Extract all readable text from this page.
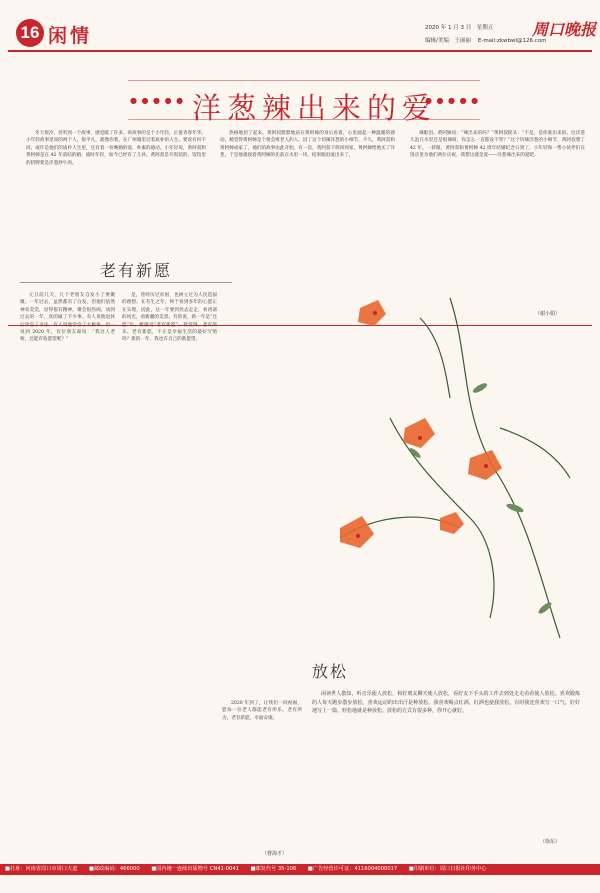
16 闲情	2020 年 1 月 3 日　星期五 周口晚报
编辑/美编　王丽丽 E-mail:zkwbwl@126.com
洋葱辣出来的爱
● ● ● ● ●	● ● ● ● ●

冬天很冷，但听到一个故事，感觉暖了许多。讲故事的是个小年轻，正值青春年华。小年轻故事里说的两个人，很平凡，就像你我，在广州城里过着质朴的人生。要说有何不同，或许是他们的质朴人生里，还有着一份晚婚的爱，朴素的感动。小年轻说，黄阿叔和黄阿婶是在 42 年前结的婚，彼时年轻，如今已经有了儿孙。黄阿叔是开饭馆的，饭馆里的招牌菜是洋葱炒牛肉。

热格地切了起来。黄阿叔默默地站在黄阿婶的身后看着，心里涌起一种温暖的感动，她觉得黄阿婶是个很会疼老人的人。因了这个切辣洋葱的小细节，不久，黄阿叔和黄阿婶成家了，他们的故事由此开始。有一次，黄阿叔下班回到家，黄阿婶给他买了洋葱，于是他就接着黄阿婶的先前在水里一块，结果眼泪流出来了。

辣眼泪。黄阿婶说：“辣出来的吗？”黄阿叔摇头：“不是，是你准出来的。这洋葱儿泡在水里还是很辣呀，你怎么一直都没不哭？”这个切辣洋葱的小细节，黄阿叔想了 42 年。一转眼，黄阿叔和黄阿婶 42 周年结婚纪念日到了，小年轻和一帮小伙伴们在饭店里为他们两位庆祝，我想这就是爱——洋葱辣出来的爱吧。

（谢小娟）
老有新愿

元旦前几天，几个老朋友自发小了要聚聚。一年过去，虽然都有了白发，但他们依然神采奕奕，显得很有精神。聚会很热闹，谈到过去的一年，真的做了不少事。有人说他退休后学会了书法，有人说他学会了太极拳。但一说到 2020 年，有位朋友却说：“我这人老啦，还能有啥愿望呢？”

是，曾经历过贫困，也树立过为人民造福的理想。在有生之年，终于看到多年的心愿正在实现，因此，这一年要到处去走走，看西部的风光，看新疆的美景。有的说，新一年是“还愿”年，要感受“老有新愿”。我觉得，老有所乐、老有新愿，不正是幸福生活的最好写照吗？新的一年，我也有自己的新愿望。

2020 年到了，让我们一同祝福，愿每一位老人都能老有所乐，老有所为，老有新愿，幸福安康。

（曹海才）
放松

闲读世人散知，听音乐使人放松，和好朋友聊天使人放松，看好友下手头的工作去到处走走看看使人放松。喜欢锻炼的人每天跑步散步放松，喜欢运动的出出汗是种放松。我喜欢喝点红酒，红酒也使我放松。有时我还喜欢写一口气，好好地写上一篇，轻松地就是种放松。放松的方式有很多种，你开心就好。

（徐东）
■社址：河南省周口市周口大道 ■邮政编码：466000 ■国内统一连续出版物号 CN41-0041 ■邮发代号 35-106 ■广告经营许可证：4116004000017 ■印刷单位：周口日报社印务中心
